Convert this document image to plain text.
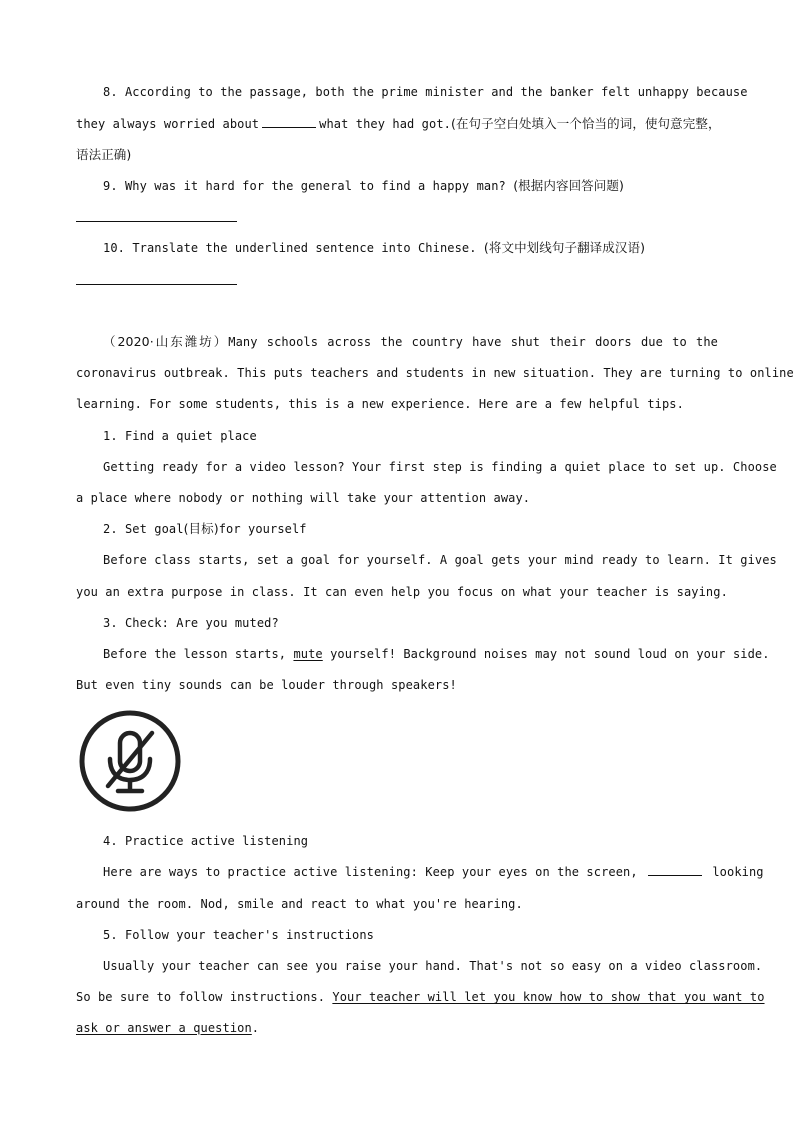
8. According to the passage, both the prime minister and the banker felt unhappy because
they always worried about	what they had got.(在句子空白处填入一个恰当的词，使句意完整，
语法正确)
9. Why was it hard for the general to find a happy man? (根据内容回答问题)
10. Translate the underlined sentence into Chinese. (将文中划线句子翻译成汉语)
（2020·山东潍坊）Many schools across the country have shut their doors due to the
coronavirus outbreak. This puts teachers and students in new situation. They are turning to online
learning. For some students, this is a new experience. Here are a few helpful tips.
1. Find a quiet place
Getting ready for a video lesson? Your first step is finding a quiet place to set up. Choose
a place where nobody or nothing will take your attention away.
2. Set goal(目标)for yourself
Before class starts, set a goal for yourself. A goal gets your mind ready to learn. It gives
you an extra purpose in class. It can even help you focus on what your teacher is saying.
3. Check: Are you muted?
Before the lesson starts, mute yourself! Background noises may not sound loud on your side.
But even tiny sounds can be louder through speakers!
4. Practice active listening
Here are ways to practice active listening: Keep your eyes on the screen,	looking
around the room. Nod, smile and react to what you're hearing.
5. Follow your teacher's instructions
Usually your teacher can see you raise your hand. That's not so easy on a video classroom.
So be sure to follow instructions. Your teacher will let you know how to show that you want to
ask or answer a question.
